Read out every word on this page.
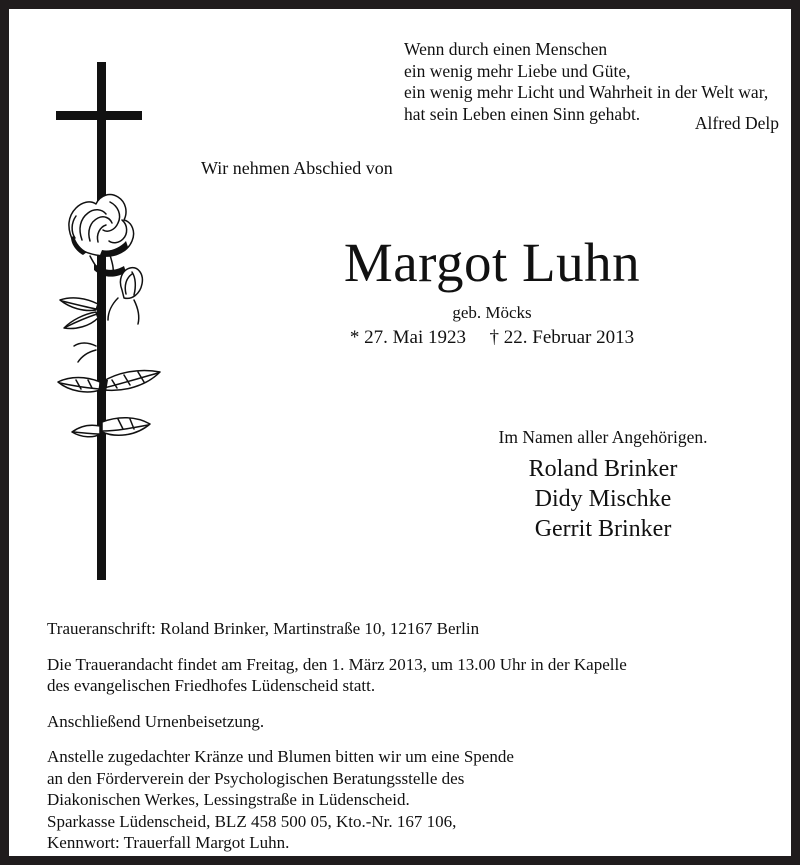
Wenn durch einen Menschen
ein wenig mehr Liebe und Güte,
ein wenig mehr Licht und Wahrheit in der Welt war,
hat sein Leben einen Sinn gehabt.	Alfred Delp
Wir nehmen Abschied von
Margot Luhn
geb. Möcks
* 27. Mai 1923 † 22. Februar 2013
Im Namen aller Angehörigen.
Roland Brinker
Didy Mischke
Gerrit Brinker

Traueranschrift: Roland Brinker, Martinstraße 10, 12167 Berlin

Die Trauerandacht findet am Freitag, den 1. März 2013, um 13.00 Uhr in der Kapelle

des evangelischen Friedhofes Lüdenscheid statt.

Anschließend Urnenbeisetzung.

Anstelle zugedachter Kränze und Blumen bitten wir um eine Spende

an den Förderverein der Psychologischen Beratungsstelle des

Diakonischen Werkes, Lessingstraße in Lüdenscheid.

Sparkasse Lüdenscheid, BLZ 458 500 05, Kto.-Nr. 167 106,

Kennwort: Trauerfall Margot Luhn.
